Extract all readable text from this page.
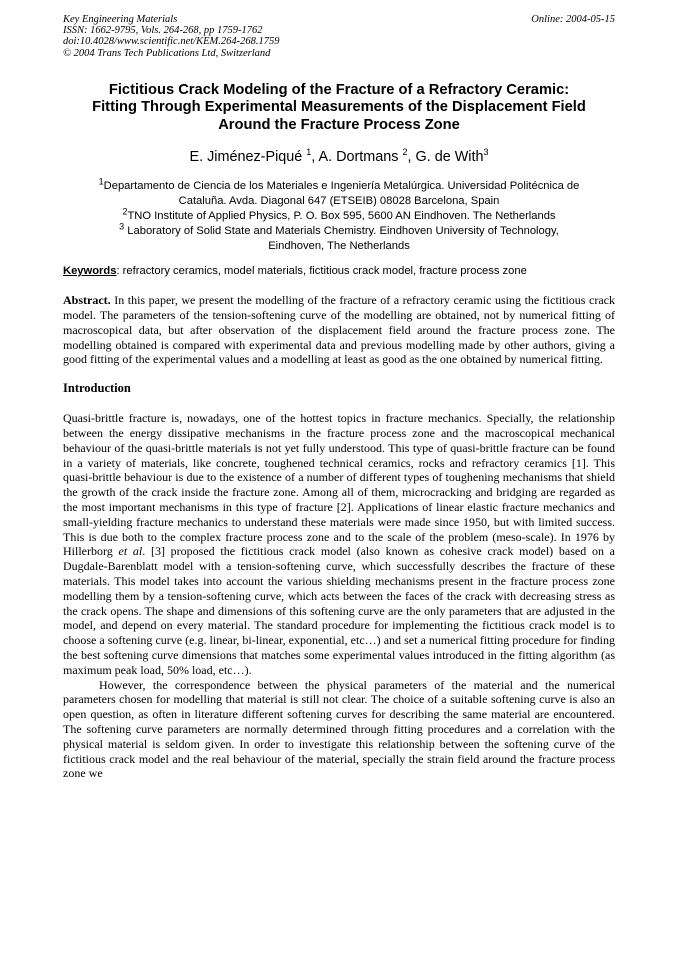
Key Engineering Materials
ISSN: 1662-9795, Vols. 264-268, pp 1759-1762
doi:10.4028/www.scientific.net/KEM.264-268.1759
© 2004 Trans Tech Publications Ltd, Switzerland
Online: 2004-05-15
Fictitious Crack Modeling of the Fracture of a Refractory Ceramic:
Fitting Through Experimental Measurements of the Displacement Field
Around the Fracture Process Zone
E. Jiménez-Piqué $^1$, A. Dortmans $^2$, G. de With$^3$
$^1$Departamento de Ciencia de los Materiales e Ingeniería Metalúrgica. Universidad Politécnica de
Cataluña. Avda. Diagonal 647 (ETSEIB) 08028 Barcelona, Spain
$^2$TNO Institute of Applied Physics, P. O. Box 595, 5600 AN Eindhoven. The Netherlands
$^3$ Laboratory of Solid State and Materials Chemistry. Eindhoven University of Technology,
Eindhoven, The Netherlands
Keywords: refractory ceramics, model materials, fictitious crack model, fracture process zone
Abstract. In this paper, we present the modelling of the fracture of a refractory ceramic using the fictitious crack model. The parameters of the tension-softening curve of the modelling are obtained, not by numerical fitting of macroscopical data, but after observation of the displacement field around the fracture process zone. The modelling obtained is compared with experimental data and previous modelling made by other authors, giving a good fitting of the experimental values and a modelling at least as good as the one obtained by numerical fitting.
Introduction
Quasi-brittle fracture is, nowadays, one of the hottest topics in fracture mechanics. Specially, the relationship between the energy dissipative mechanisms in the fracture process zone and the macroscopical mechanical behaviour of the quasi-brittle materials is not yet fully understood. This type of quasi-brittle fracture can be found in a variety of materials, like concrete, toughened technical ceramics, rocks and refractory ceramics [1]. This quasi-brittle behaviour is due to the existence of a number of different types of toughening mechanisms that shield the growth of the crack inside the fracture zone. Among all of them, microcracking and bridging are regarded as the most important mechanisms in this type of fracture [2]. Applications of linear elastic fracture mechanics and small-yielding fracture mechanics to understand these materials were made since 1950, but with limited success. This is due both to the complex fracture process zone and to the scale of the problem (meso-scale). In 1976 by Hillerborg et al. [3] proposed the fictitious crack model (also known as cohesive crack model) based on a Dugdale-Barenblatt model with a tension-softening curve, which successfully describes the fracture of these materials. This model takes into account the various shielding mechanisms present in the fracture process zone modelling them by a tension-softening curve, which acts between the faces of the crack with decreasing stress as the crack opens. The shape and dimensions of this softening curve are the only parameters that are adjusted in the model, and depend on every material. The standard procedure for implementing the fictitious crack model is to choose a softening curve (e.g. linear, bi-linear, exponential, etc…) and set a numerical fitting procedure for finding the best softening curve dimensions that matches some experimental values introduced in the fitting algorithm (as maximum peak load, 50% load, etc…).
However, the correspondence between the physical parameters of the material and the numerical parameters chosen for modelling that material is still not clear. The choice of a suitable softening curve is also an open question, as often in literature different softening curves for describing the same material are encountered. The softening curve parameters are normally determined through fitting procedures and a correlation with the physical material is seldom given. In order to investigate this relationship between the softening curve of the fictitious crack model and the real behaviour of the material, specially the strain field around the fracture process zone we
